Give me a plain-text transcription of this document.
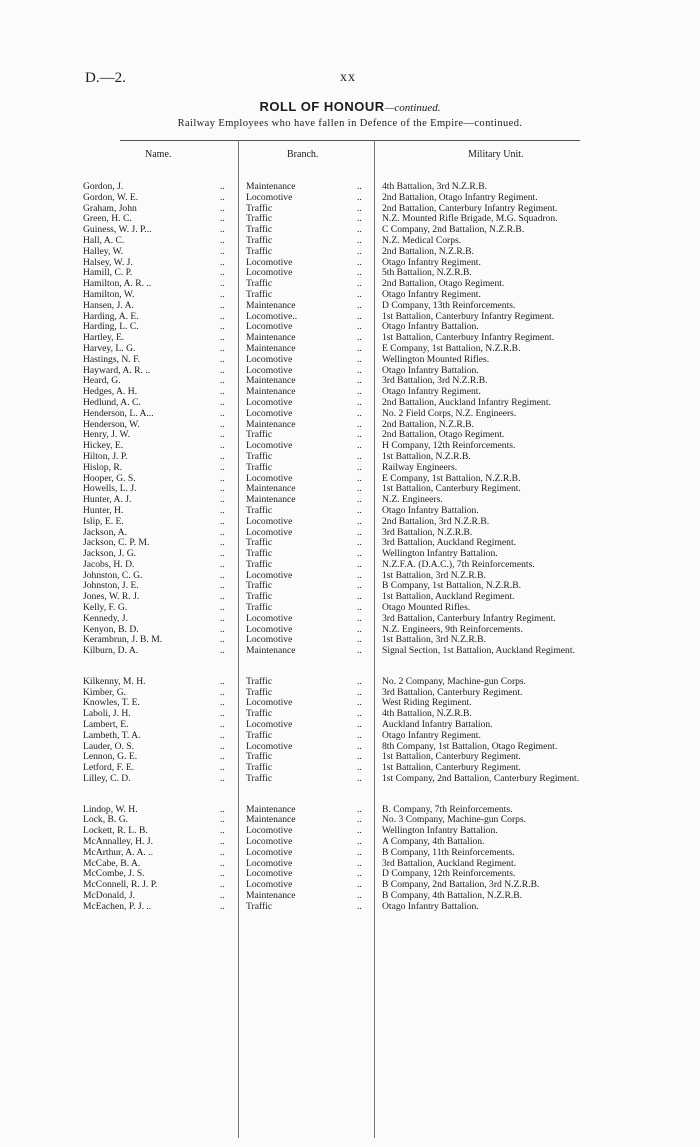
D.—2.	xx
ROLL OF HONOUR—continued.
Railway Employees who have fallen in Defence of the Empire—continued.
Name.	Branch.	Military Unit.
Gordon, J.	.. Maintenance	.. 4th Battalion, 3rd N.Z.R.B.
Gordon, W. E.	.. Locomotive	.. 2nd Battalion, Otago Infantry Regiment.
Graham, John	.. Traffic	.. 2nd Battalion, Canterbury Infantry Regiment.
Green, H. C.	.. Traffic	.. N.Z. Mounted Rifle Brigade, M.G. Squadron.
Guiness, W. J. P...	.. Traffic	.. C Company, 2nd Battalion, N.Z.R.B.
Hall, A. C.	.. Traffic	.. N.Z. Medical Corps.
Halley, W.	.. Traffic	.. 2nd Battalion, N.Z.R.B.
Halsey, W. J.	.. Locomotive	.. Otago Infantry Regiment.
Hamill, C. P.	.. Locomotive	.. 5th Battalion, N.Z.R.B.
Hamilton, A. R. ..	.. Traffic	.. 2nd Battalion, Otago Regiment.
Hamilton, W.	.. Traffic	.. Otago Infantry Regiment.
Hansen, J. A.	.. Maintenance	.. D Company, 13th Reinforcements.
Harding, A. E.	.. Locomotive..	.. 1st Battalion, Canterbury Infantry Regiment.
Harding, L. C.	.. Locomotive	.. Otago Infantry Battalion.
Hartley, E.	.. Maintenance	.. 1st Battalion, Canterbury Infantry Regiment.
Harvey, L. G.	.. Maintenance	.. E Company, 1st Battalion, N.Z.R.B.
Hastings, N. F.	.. Locomotive	.. Wellington Mounted Rifles.
Hayward, A. R. ..	.. Locomotive	.. Otago Infantry Battalion.
Heard, G.	.. Maintenance	.. 3rd Battalion, 3rd N.Z.R.B.
Hedges, A. H.	.. Maintenance	.. Otago Infantry Regiment.
Hedlund, A. C.	.. Locomotive	.. 2nd Battalion, Auckland Infantry Regiment.
Henderson, L. A...	.. Locomotive	.. No. 2 Field Corps, N.Z. Engineers.
Henderson, W.	.. Maintenance	.. 2nd Battalion, N.Z.R.B.
Henry, J. W.	.. Traffic	.. 2nd Battalion, Otago Regiment.
Hickey, E.	.. Locomotive	.. H Company, 12th Reinforcements.
Hilton, J. P.	.. Traffic	.. 1st Battalion, N.Z.R.B.
Hislop, R.	.. Traffic	.. Railway Engineers.
Hooper, G. S.	.. Locomotive	.. E Company, 1st Battalion, N.Z.R.B.
Howells, L. J.	.. Maintenance	.. 1st Battalion, Canterbury Regiment.
Hunter, A. J.	.. Maintenance	.. N.Z. Engineers.
Hunter, H.	.. Traffic	.. Otago Infantry Battalion.
Islip, E. E.	.. Locomotive	.. 2nd Battalion, 3rd N.Z.R.B.
Jackson, A.	.. Locomotive	.. 3rd Battalion, N.Z.R.B.
Jackson, C. P. M.	.. Traffic	.. 3rd Battalion, Auckland Regiment.
Jackson, J. G.	.. Traffic	.. Wellington Infantry Battalion.
Jacobs, H. D.	.. Traffic	.. N.Z.F.A. (D.A.C.), 7th Reinforcements.
Johnston, C. G.	.. Locomotive	.. 1st Battalion, 3rd N.Z.R.B.
Johnston, J. E.	.. Traffic	.. B Company, 1st Battalion, N.Z.R.B.
Jones, W. R. J.	.. Traffic	.. 1st Battalion, Auckland Regiment.
Kelly, F. G.	.. Traffic	.. Otago Mounted Rifles.
Kennedy, J.	.. Locomotive	.. 3rd Battalion, Canterbury Infantry Regiment.
Kenyon, B. D.	.. Locomotive	.. N.Z. Engineers, 9th Reinforcements.
Kerambrun, J. B. M.	.. Locomotive	.. 1st Battalion, 3rd N.Z.R.B.
Kilburn, D. A.	.. Maintenance	.. Signal Section, 1st Battalion, Auckland Regiment.
Kilkenny, M. H.	.. Traffic	.. No. 2 Company, Machine-gun Corps.
Kimber, G.	.. Traffic	.. 3rd Battalion, Canterbury Regiment.
Knowles, T. E.	.. Locomotive	.. West Riding Regiment.
Laboli, J. H.	.. Traffic	.. 4th Battalion, N.Z.R.B.
Lambert, E.	.. Locomotive	.. Auckland Infantry Battalion.
Lambeth, T. A.	.. Traffic	.. Otago Infantry Regiment.
Lauder, O. S.	.. Locomotive	.. 8th Company, 1st Battalion, Otago Regiment.
Lennon, G. E.	.. Traffic	.. 1st Battalion, Canterbury Regiment.
Letford, F. E.	.. Traffic	.. 1st Battalion, Canterbury Regiment.
Lilley, C. D.	.. Traffic	.. 1st Company, 2nd Battalion, Canterbury Regiment.
Lindop, W. H.	.. Maintenance	.. B. Company, 7th Reinforcements.
Lock, B. G.	.. Maintenance	.. No. 3 Company, Machine-gun Corps.
Lockett, R. L. B.	.. Locomotive	.. Wellington Infantry Battalion.
McAnnalley, H. J.	.. Locomotive	.. A Company, 4th Battalion.
McArthur, A. A. ..	.. Locomotive	.. B Company, 11th Reinforcements.
McCabe, B. A.	.. Locomotive	.. 3rd Battalion, Auckland Regiment.
McCombe, J. S.	.. Locomotive	.. D Company, 12th Reinforcements.
McConnell, R. J. P.	.. Locomotive	.. B Company, 2nd Battalion, 3rd N.Z.R.B.
McDonald, J.	.. Maintenance	.. B Company, 4th Battalion, N.Z.R.B.
McEachen, P. J. ..	.. Traffic	.. Otago Infantry Battalion.
